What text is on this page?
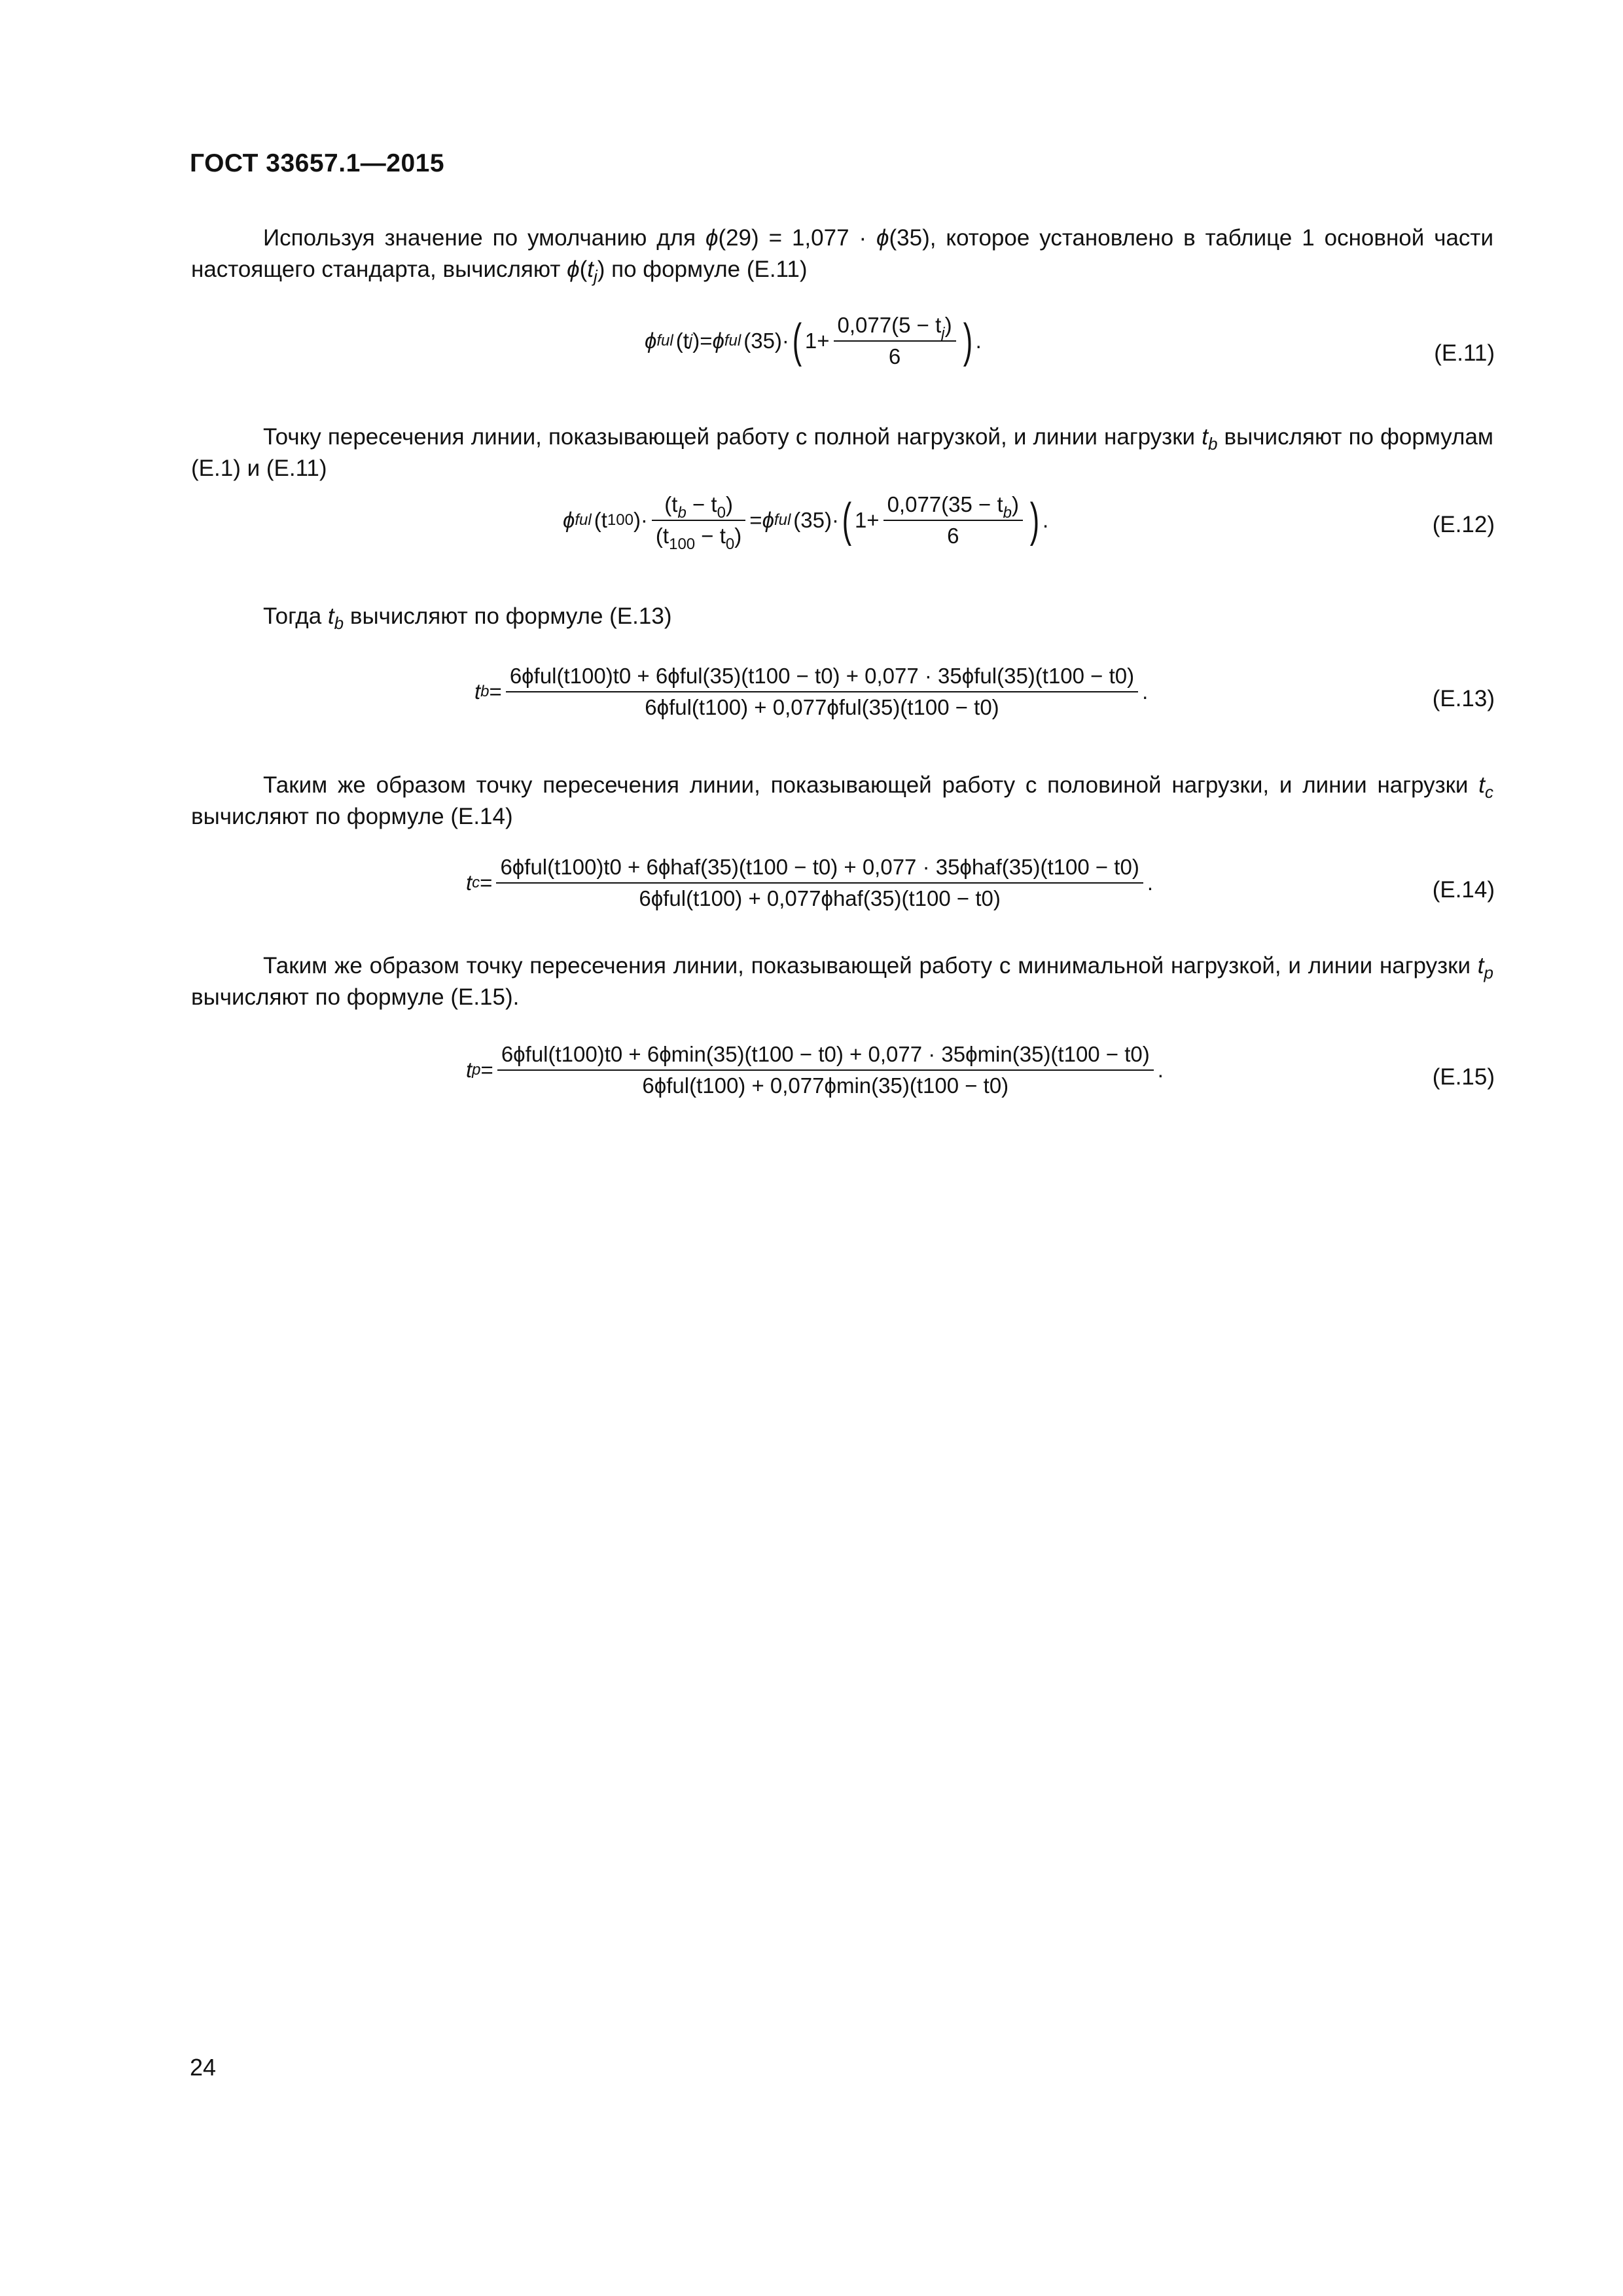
ГОСТ 33657.1—2015
Используя значение по умолчанию для ϕ(29) = 1,077 · ϕ(35), которое установлено в таблице 1 основной части настоящего стандарта, вычисляют $\phi(t_j)$ по формуле (Е.11)
ϕ ful (t j ) = ϕ ful (35)· ( $1+ \frac{0,077(5 - t_j)}{6}$ ) .	(Е.11)
Точку пересечения линии, показывающей работу с полной нагрузкой, и линии нагрузки $t_b$ вычисляют по формулам (Е.1) и (Е.11)
ϕ ful (t 100 )· $\frac{(t_b - t_0)}{(t_{100} - t_0)} = \phi$ ful (35)· ( $1+ \frac{0,077(35 - t_b)}{6}$ ) .	(Е.12)
Тогда $t_b$ вычисляют по формуле (Е.13)
t b =
6ϕful(t100)t0 + 6ϕful(35)(t100 − t0) + 0,077 · 35ϕful(35)(t100 − t0)
6ϕful(t100) + 0,077ϕful(35)(t100 − t0)
.	(Е.13)
Таким же образом точку пересечения линии, показывающей работу с половиной нагрузки, и линии нагрузки $t_c$ вычисляют по формуле (Е.14)
t c =
6ϕful(t100)t0 + 6ϕhaf(35)(t100 − t0) + 0,077 · 35ϕhaf(35)(t100 − t0)
6ϕful(t100) + 0,077ϕhaf(35)(t100 − t0)
.	(Е.14)
Таким же образом точку пересечения линии, показывающей работу с минимальной нагрузкой, и линии нагрузки $t_p$ вычисляют по формуле (Е.15).
t p =
6ϕful(t100)t0 + 6ϕmin(35)(t100 − t0) + 0,077 · 35ϕmin(35)(t100 − t0)
6ϕful(t100) + 0,077ϕmin(35)(t100 − t0)
.	(Е.15)
24
